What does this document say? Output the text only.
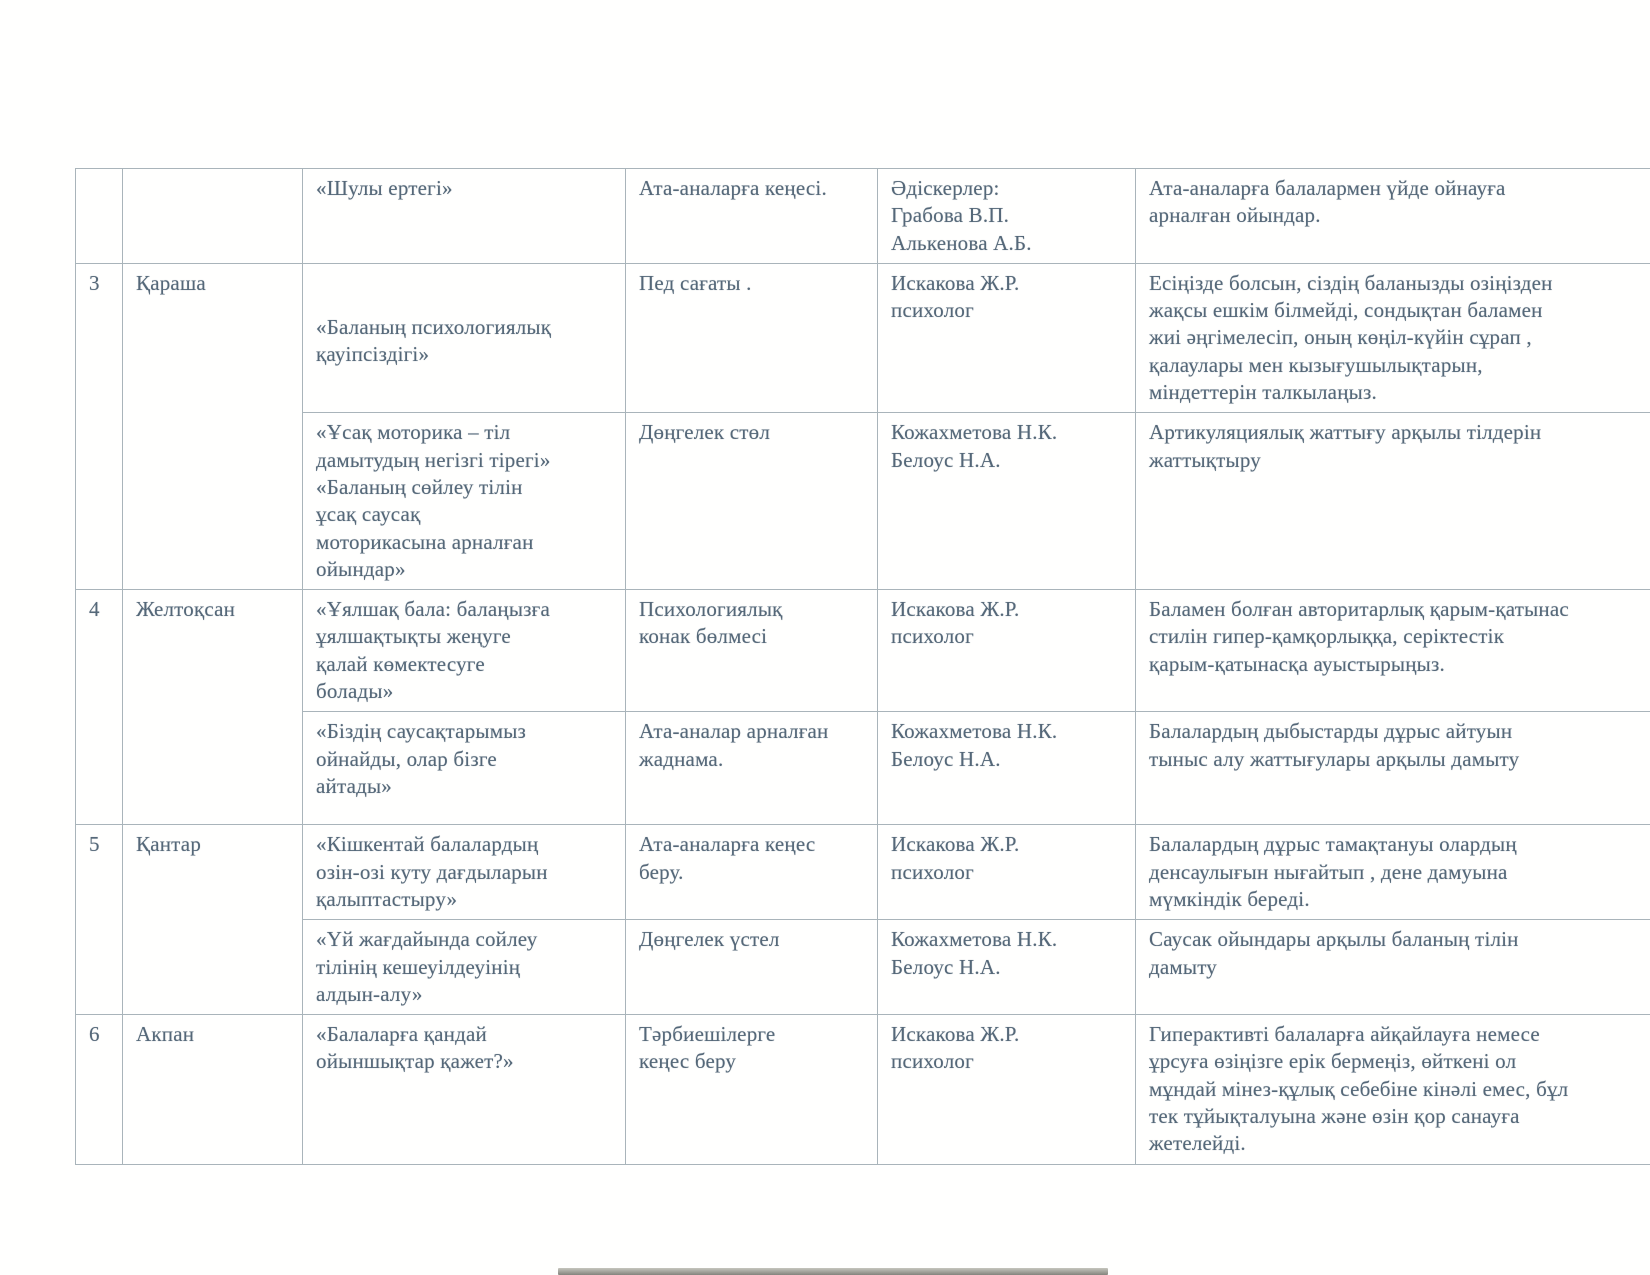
		«Шулы ертегі»	Ата-аналарға кеңесі.	Әдіскерлер:
Грабова В.П.
Алькенова А.Б.	Ата-аналарға балалармен үйде ойнауға
арналған ойындар.
3	Қараша	«Баланың психологиялық
қауіпсіздігі»	Пед сағаты .	Искакова Ж.Р.
психолог	Есіңізде болсын, сіздің баланызды озіңізден
жақсы ешкім білмейді, сондықтан баламен
жиі әңгімелесіп, оның көңіл-күйін сұрап ,
қалаулары мен кызығушылықтарын,
міндеттерін талкылаңыз.
«Ұсақ моторика – тіл
дамытудың негізгі тірегі»
«Баланың сөйлеу тілін
ұсақ саусақ
моторикасына арналған
ойындар»	Дөңгелек стөл	Кожахметова Н.К.
Белоус Н.А.	Артикуляциялық жаттығу арқылы тілдерін
жаттықтыру
4	Желтоқсан	«Ұялшақ бала: балаңызға
ұялшақтықты жеңуге
қалай көмектесуге
болады»	Психологиялық
конак бөлмесі	Искакова Ж.Р.
психолог	Баламен болған авторитарлық қарым-қатынас
стилін гипер-қамқорлыққа, серіктестік
қарым-қатынасқа ауыстырыңыз.
		«Біздің саусақтарымыз
ойнайды, олар бізге
айтады»	Ата-аналар арналған
жаднама.	Кожахметова Н.К.
Белоус Н.А.	Балалардың дыбыстарды дұрыс айтуын
тыныс алу жаттығулары арқылы дамыту
5	Қантар	«Кішкентай балалардың
озін-озі куту дағдыларын
қалыптастыру»	Ата-аналарға кеңес
беру.	Искакова Ж.Р.
психолог	Балалардың дұрыс тамақтануы олардың
денсаулығын нығайтып , дене дамуына
мүмкіндік береді.
		«Үй жағдайында сойлеу
тілінің кешеуілдеуінің
алдын-алу»	Дөңгелек үстел	Кожахметова Н.К.
Белоус Н.А.	Саусак ойындары арқылы баланың тілін
дамыту
6	Акпан	«Балаларға қандай
ойыншықтар қажет?»	Тәрбиешілерге
кеңес беру	Искакова Ж.Р.
психолог	Гиперактивті балаларға айқайлауға немесе
ұрсуға өзіңізге ерік бермеңіз, өйткені ол
мұндай мінез-құлық себебіне кінәлі емес, бұл
тек тұйықталуына және өзін қор санауға
жетелейді.
